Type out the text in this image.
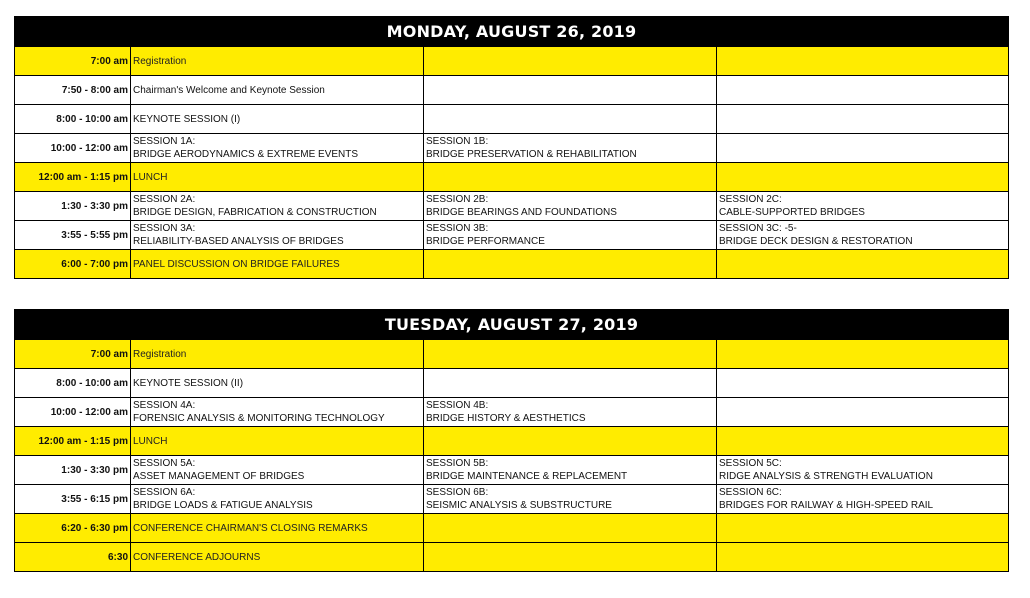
MONDAY, AUGUST 26, 2019			
7:00 am	Registration		

7:50 - 8:00 am	Chairman's Welcome and Keynote Session		

8:00 - 10:00 am	KEYNOTE SESSION (I)		

10:00 - 12:00 am	SESSION 1A:
BRIDGE AERODYNAMICS & EXTREME EVENTS	SESSION 1B:
BRIDGE PRESERVATION & REHABILITATION	

12:00 am - 1:15 pm	LUNCH		

1:30 - 3:30 pm	SESSION 2A:
BRIDGE DESIGN, FABRICATION & CONSTRUCTION	SESSION 2B:
BRIDGE BEARINGS AND FOUNDATIONS	SESSION 2C:
CABLE-SUPPORTED BRIDGES

3:55 - 5:55 pm	SESSION 3A:
RELIABILITY-BASED ANALYSIS OF BRIDGES	SESSION 3B:
BRIDGE PERFORMANCE	SESSION 3C: -5-
BRIDGE DECK DESIGN & RESTORATION

6:00 - 7:00 pm	PANEL DISCUSSION ON BRIDGE FAILURES		

TUESDAY, AUGUST 27, 2019			
7:00 am	Registration		

8:00 - 10:00 am	KEYNOTE SESSION (II)		

10:00 - 12:00 am	SESSION 4A:
FORENSIC ANALYSIS & MONITORING TECHNOLOGY	SESSION 4B:
BRIDGE HISTORY & AESTHETICS	

12:00 am - 1:15 pm	LUNCH		

1:30 - 3:30 pm	SESSION 5A:
ASSET MANAGEMENT OF BRIDGES	SESSION 5B:
BRIDGE MAINTENANCE & REPLACEMENT	SESSION 5C:
RIDGE ANALYSIS & STRENGTH EVALUATION

3:55 - 6:15 pm	SESSION 6A:
BRIDGE LOADS & FATIGUE ANALYSIS	SESSION 6B:
SEISMIC ANALYSIS & SUBSTRUCTURE	SESSION 6C:
BRIDGES FOR RAILWAY & HIGH-SPEED RAIL

6:20 - 6:30 pm	CONFERENCE CHAIRMAN'S CLOSING REMARKS		

6:30	CONFERENCE ADJOURNS		
